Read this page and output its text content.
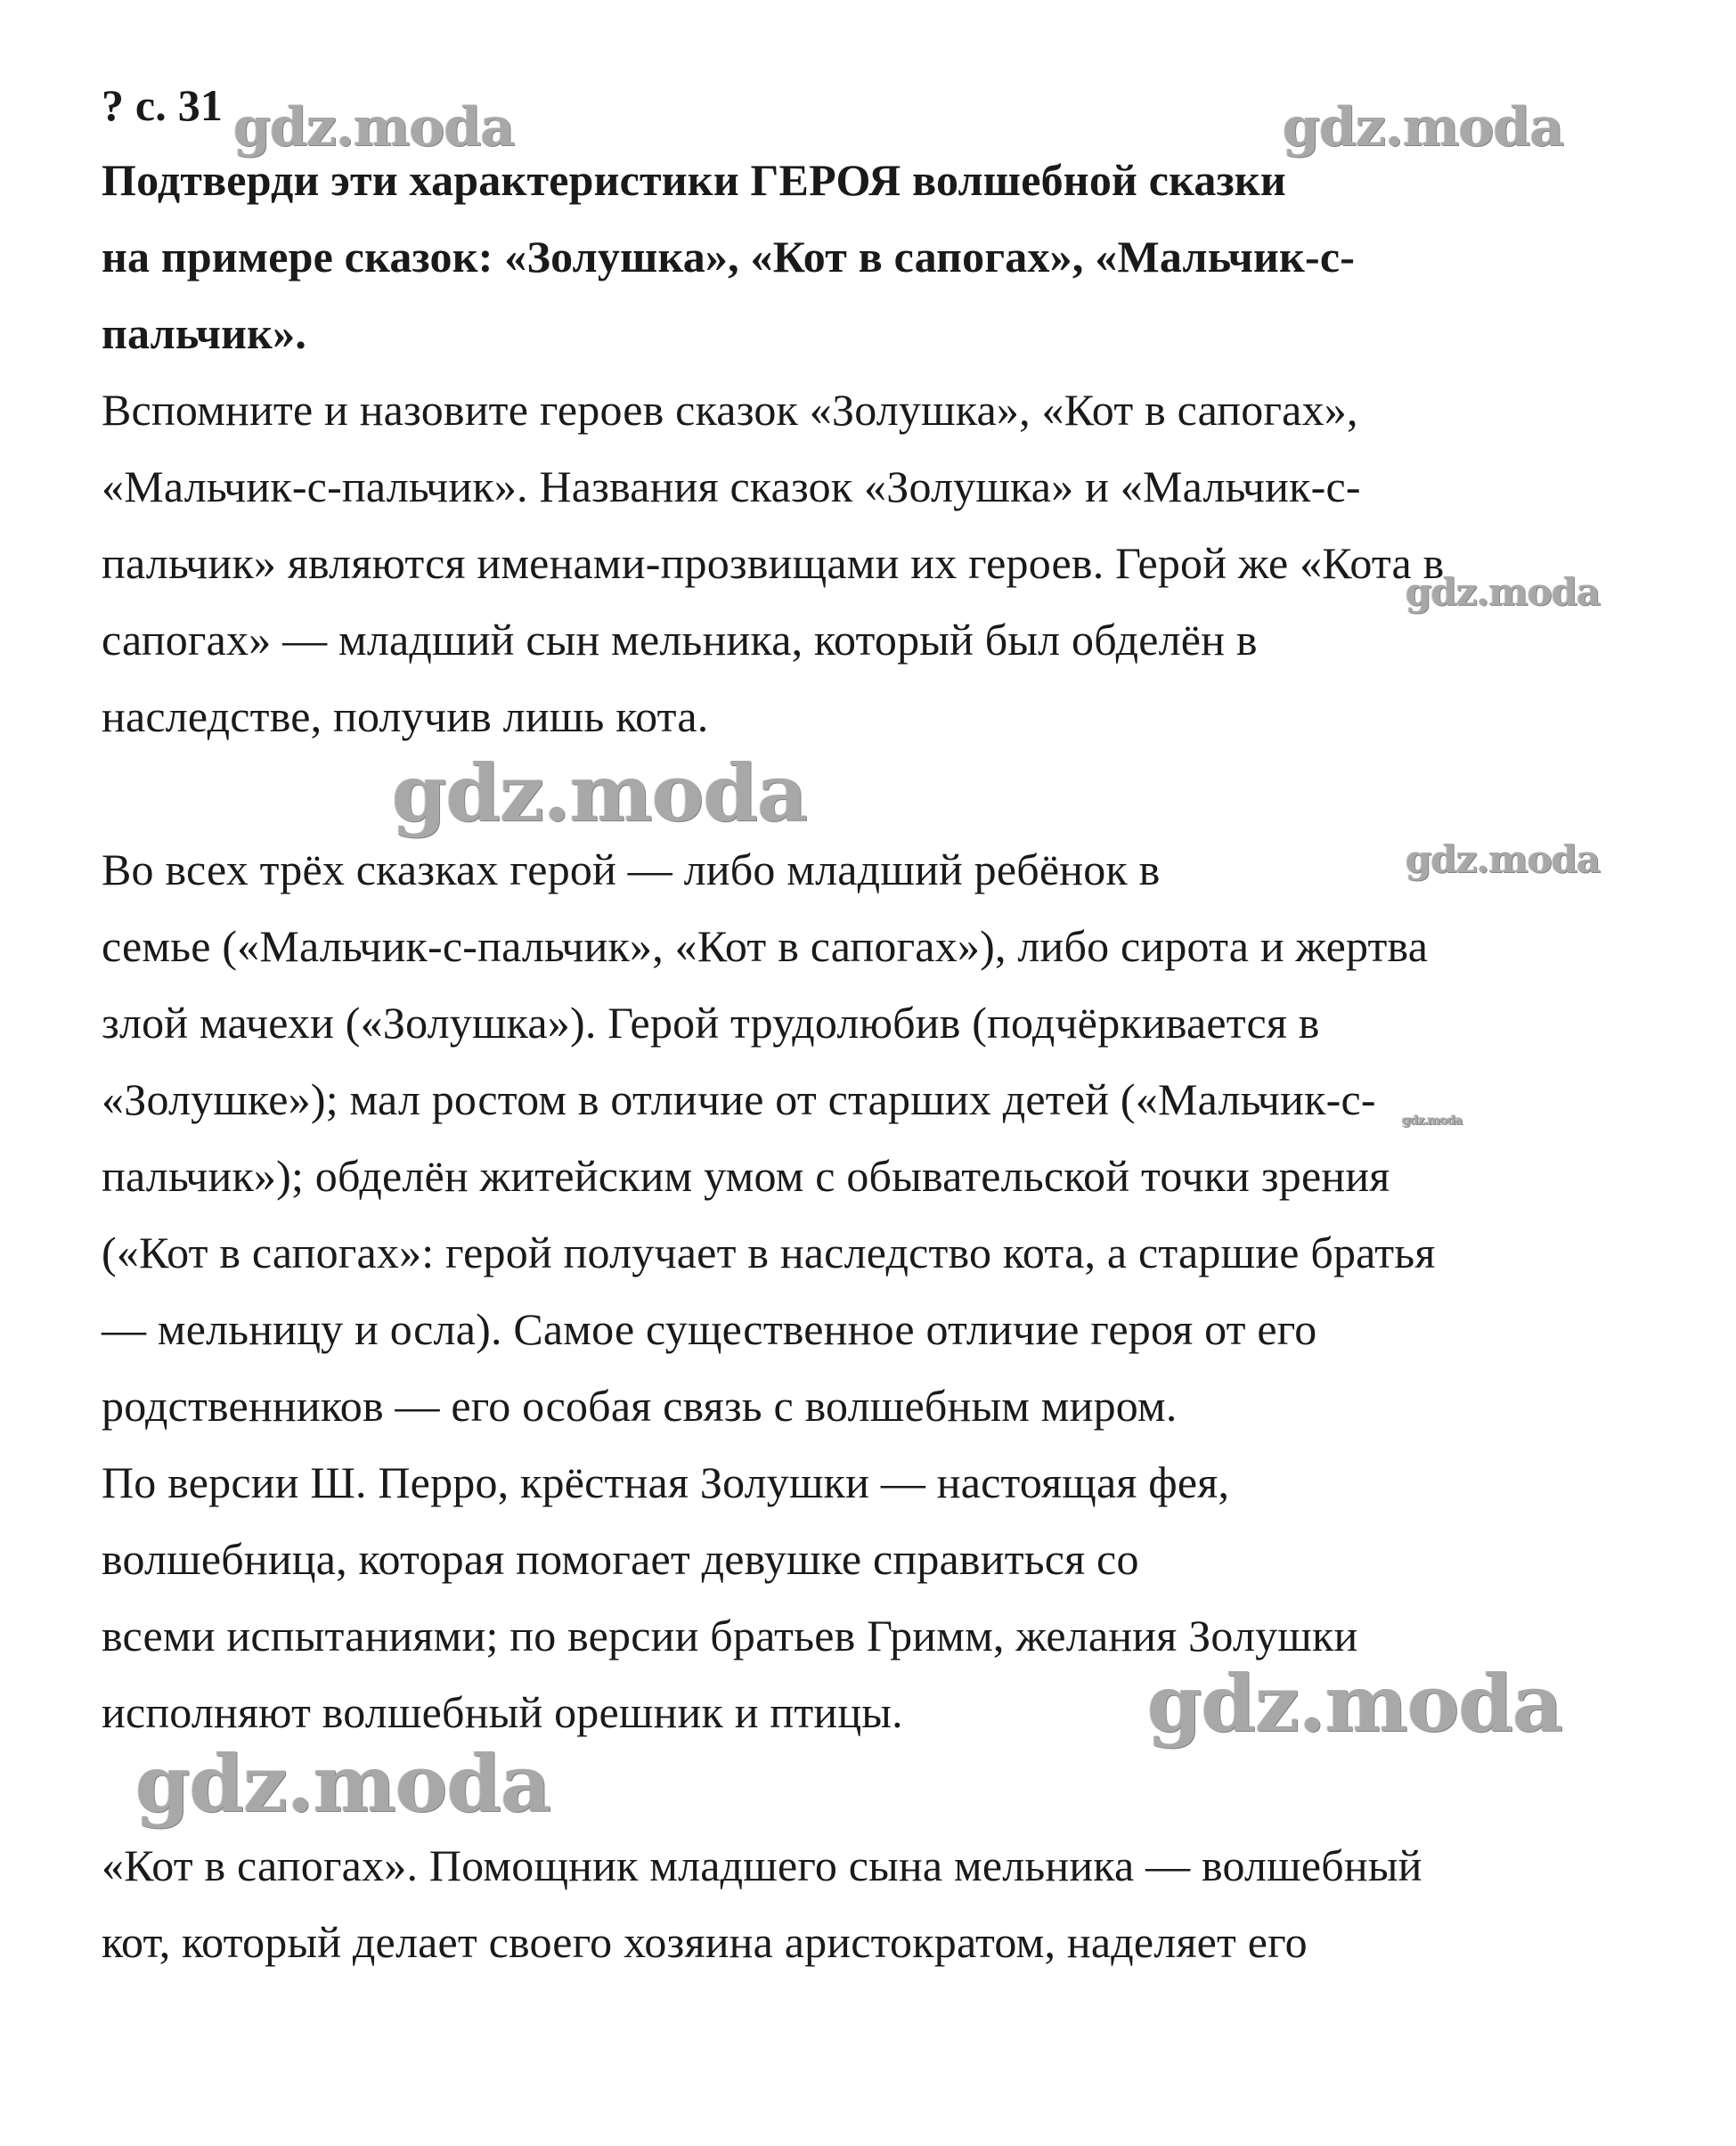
? с. 31
Подтверди эти характеристики ГЕРОЯ волшебной сказки
на примере сказок: «Золушка», «Кот в сапогах», «Мальчик-с-
пальчик».
Вспомните и назовите героев сказок «Золушка», «Кот в сапогах»,
«Мальчик-с-пальчик». Названия сказок «Золушка» и «Мальчик-с-
пальчик» являются именами-прозвищами их героев. Герой же «Кота в
сапогах» — младший сын мельника, который был обделён в
наследстве, получив лишь кота.
Во всех трёх сказках герой — либо младший ребёнок в
семье («Мальчик-с-пальчик», «Кот в сапогах»), либо сирота и жертва
злой мачехи («Золушка»). Герой трудолюбив (подчёркивается в
«Золушке»); мал ростом в отличие от старших детей («Мальчик-с-
пальчик»); обделён житейским умом с обывательской точки зрения
(«Кот в сапогах»: герой получает в наследство кота, а старшие братья
— мельницу и осла). Самое существенное отличие героя от его
родственников — его особая связь с волшебным миром.
По версии Ш. Перро, крёстная Золушки — настоящая фея,
волшебница, которая помогает девушке справиться со
всеми испытаниями; по версии братьев Гримм, желания Золушки
исполняют волшебный орешник и птицы.
«Кот в сапогах». Помощник младшего сына мельника — волшебный
кот, который делает своего хозяина аристократом, наделяет его
gdz.moda	gdz.moda
gdz.moda
gdz.moda
gdz.moda
gdz.moda
gdz.moda
gdz.moda
